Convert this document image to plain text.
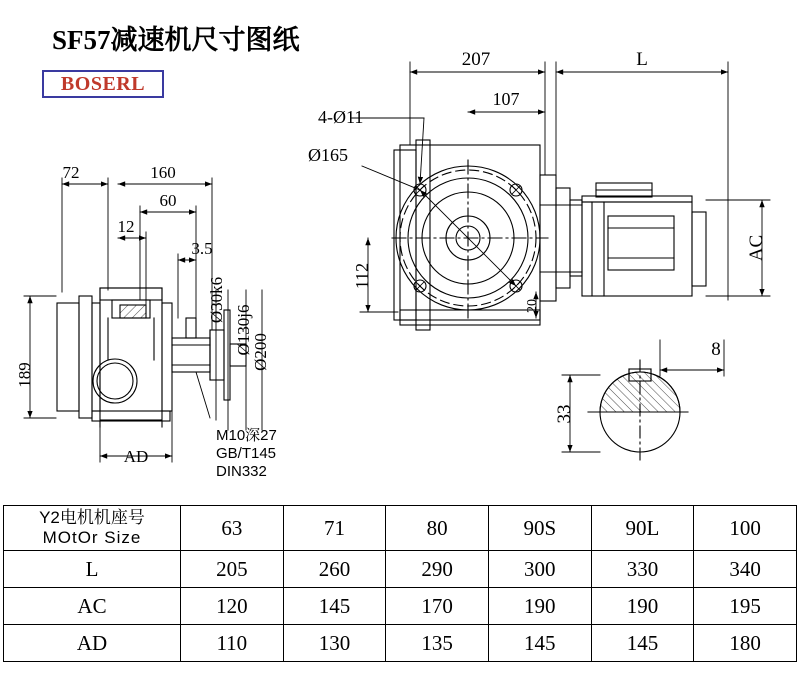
SF57减速机尺寸图纸
BOSERL
72	160
60
12
3.5
189
AD
Ø30k6
Ø130j6
Ø200
M10深27
GB/T145
DIN332
207	L
107
4-Ø11
Ø165
112
20
AC
8
33
Y2电机机座号
MOtOr Size	63	71	80	90S	90L	100
L	205	260	290	300	330	340
AC	120	145	170	190	190	195
AD	110	130	135	145	145	180
